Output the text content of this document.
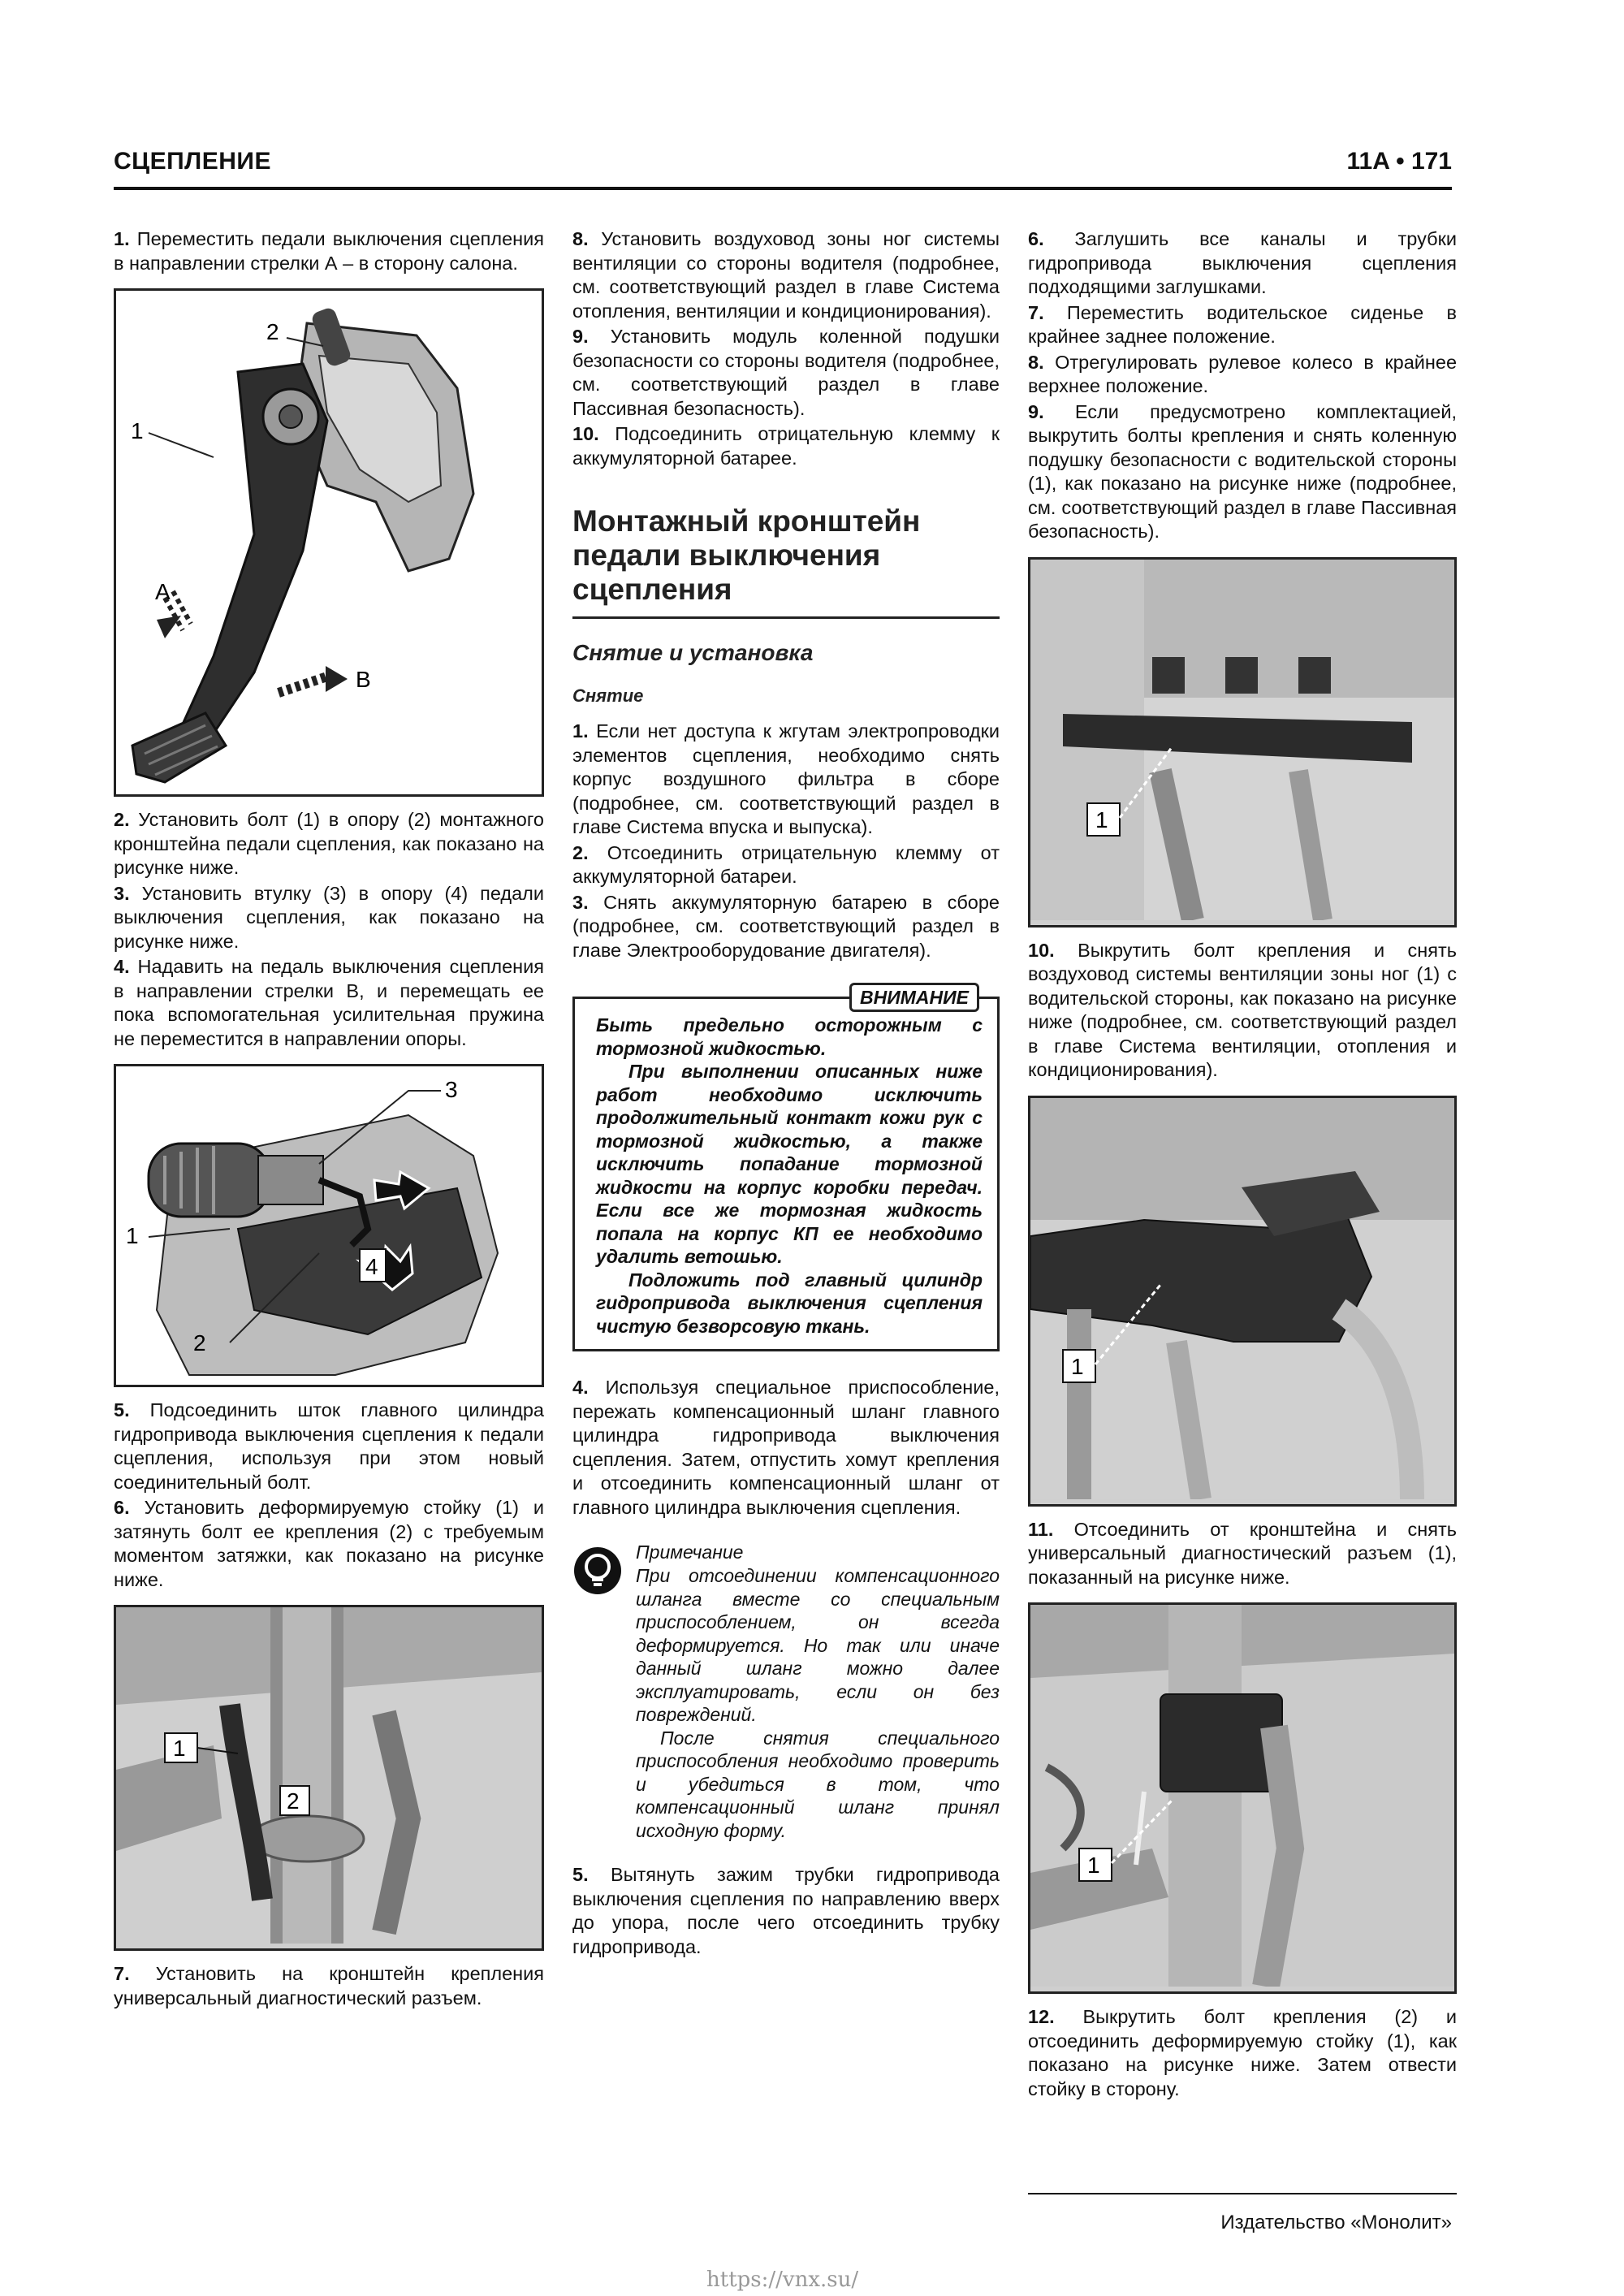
СЦЕПЛЕНИЕ	11A • 171

1. Переместить педали выключения сцепления в направлении стрелки А – в сторону салона.

1
2
A
B

2. Установить болт (1) в опору (2) монтажного кронштейна педали сцепления, как показано на рисунке ниже.

3. Установить втулку (3) в опору (4) педали выключения сцепления, как показано на рисунке ниже.

4. Надавить на педаль выключения сцепления в направлении стрелки В, и перемещать ее пока вспомогательная усилительная пружина не переместится в направлении опоры.

4
1
2
3

5. Подсоединить шток главного цилиндра гидропривода выключения сцепления к педали сцепления, используя при этом новый соединительный болт.

6. Установить деформируемую стойку (1) и затянуть болт ее крепления (2) с требуемым моментом затяжки, как показано на рисунке ниже.

1
2

7. Установить на кронштейн крепления универсальный диагностический разъем.

8. Установить воздуховод зоны ног системы вентиляции со стороны водителя (подробнее, см. соответствующий раздел в главе Система отопления, вентиляции и кондиционирования).

9. Установить модуль коленной подушки безопасности со стороны водителя (подробнее, см. соответствующий раздел в главе Пассивная безопасность).

10. Подсоединить отрицательную клемму к аккумуляторной батарее.

Монтажный кронштейн педали выключения сцепления
Снятие и установка
Снятие

1. Если нет доступа к жгутам электропроводки элементов сцепления, необходимо снять корпус воздушного фильтра в сборе (подробнее, см. соответствующий раздел в главе Система впуска и выпуска).

2. Отсоединить отрицательную клемму от аккумуляторной батареи.

3. Снять аккумуляторную батарею в сборе (подробнее, см. соответствующий раздел в главе Электрооборудование двигателя).

ВНИМАНИЕ

Быть предельно осторожным с тормозной жидкостью.

При выполнении описанных ниже работ необходимо исключить продолжительный контакт кожи рук с тормозной жидкостью, а также исключить попадание тормозной жидкости на корпус коробки передач. Если все же тормозная жидкость попала на корпус КП ее необходимо удалить ветошью.

Подложить под главный цилиндр гидропривода выключения сцепления чистую безворсовую ткань.

4. Используя специальное приспособление, пережать компенсационный шланг главного цилиндра гидропривода выключения сцепления. Затем, отпустить хомут крепления и отсоединить компенсационный шланг от главного цилиндра выключения сцепления.

Примечание

При отсоединении компенсационного шланга вместе со специальным приспособлением, он всегда деформируется. Но так или иначе данный шланг можно далее эксплуатировать, если он без повреждений.

После снятия специального приспособления необходимо проверить и убедиться в том, что компенсационный шланг принял исходную форму.

5. Вытянуть зажим трубки гидропривода выключения сцепления по направлению вверх до упора, после чего отсоединить трубку гидропривода.

6. Заглушить все каналы и трубки гидропривода выключения сцепления подходящими заглушками.

7. Переместить водительское сиденье в крайнее заднее положение.

8. Отрегулировать рулевое колесо в крайнее верхнее положение.

9. Если предусмотрено комплектацией, выкрутить болты крепления и снять коленную подушку безопасности с водительской стороны (1), как показано на рисунке ниже (подробнее, см. соответствующий раздел в главе Пассивная безопасность).

1

10. Выкрутить болт крепления и снять воздуховод системы вентиляции зоны ног (1) с водительской стороны, как показано на рисунке ниже (подробнее, см. соответствующий раздел в главе Система вентиляции, отопления и кондиционирования).

1

11. Отсоединить от кронштейна и снять универсальный диагностический разъем (1), показанный на рисунке ниже.

1

12. Выкрутить болт крепления (2) и отсоединить деформируемую стойку (1), как показано на рисунке ниже. Затем отвести стойку в сторону.

Издательство «Монолит»
https://vnx.su/
